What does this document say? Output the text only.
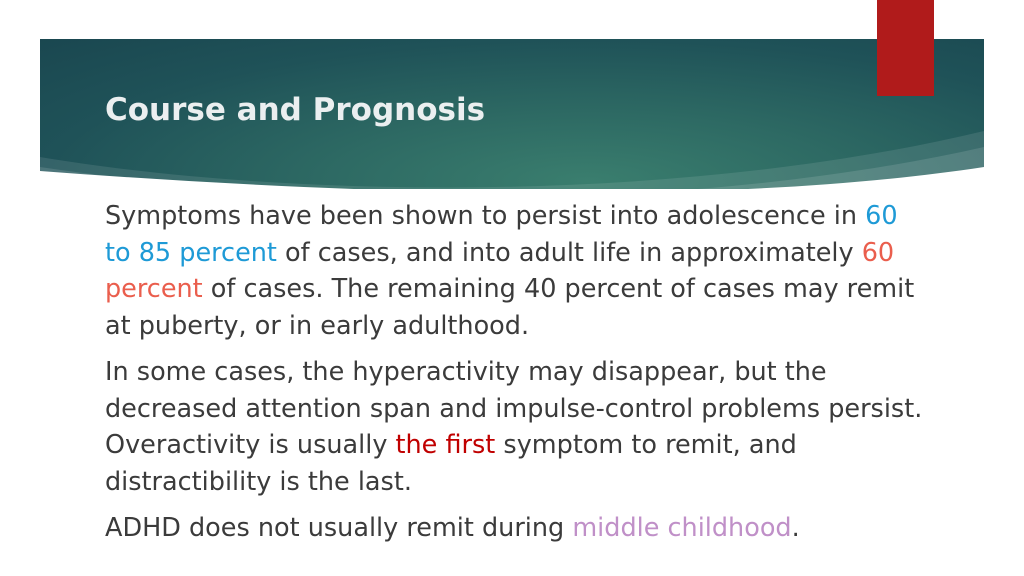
Course and Prognosis

Symptoms have been shown to persist into adolescence in 60 to 85 percent of cases, and into adult life in approximately 60 percent of cases. The remaining 40 percent of cases may remit at puberty, or in early adulthood.

In some cases, the hyperactivity may disappear, but the decreased attention span and impulse-control problems persist. Overactivity is usually the first symptom to remit, and distractibility is the last.

ADHD does not usually remit during middle childhood.
